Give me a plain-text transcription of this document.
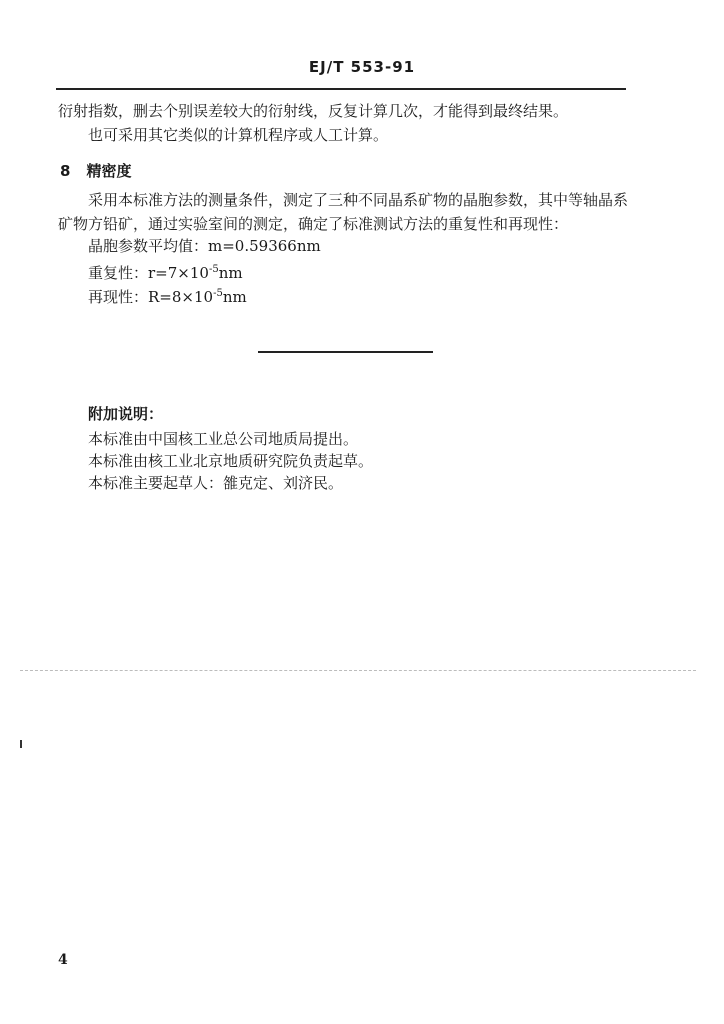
EJ/T 553-91
衍射指数，删去个别误差较大的衍射线，反复计算几次，才能得到最终结果。
也可采用其它类似的计算机程序或人工计算。
8 精密度
采用本标准方法的测量条件，测定了三种不同晶系矿物的晶胞参数，其中等轴晶系
矿物方铅矿，通过实验室间的测定，确定了标准测试方法的重复性和再现性：
晶胞参数平均值：m=0.59366nm
重复性：$r=7\times 10^{-5}nm$
再现性：$R=8\times 10^{-5}nm$
附加说明：
本标准由中国核工业总公司地质局提出。
本标准由核工业北京地质研究院负责起草。
本标准主要起草人：雒克定、刘济民。
4
